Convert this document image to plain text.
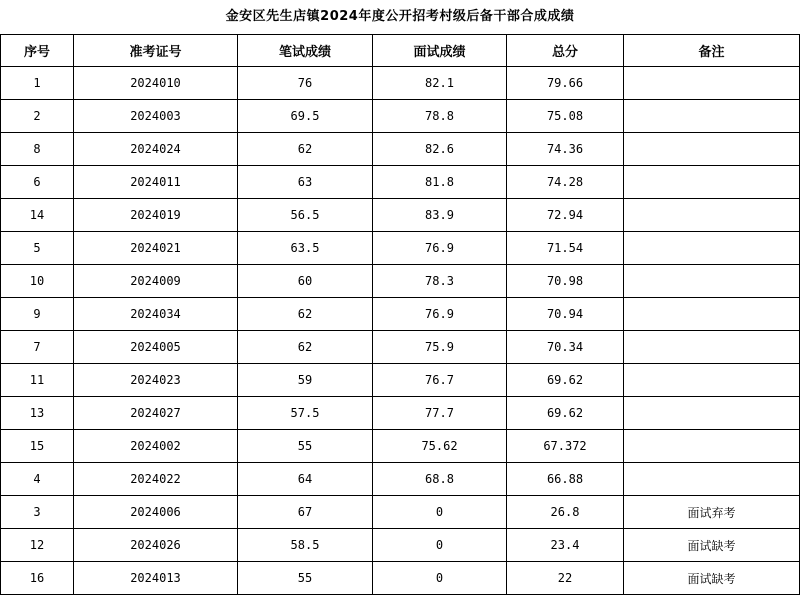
金安区先生店镇2024年度公开招考村级后备干部合成成绩
序号	准考证号	笔试成绩	面试成绩	总分	备注
1	2024010	76	82.1	79.66	
2	2024003	69.5	78.8	75.08	
8	2024024	62	82.6	74.36	
6	2024011	63	81.8	74.28	
14	2024019	56.5	83.9	72.94	
5	2024021	63.5	76.9	71.54	
10	2024009	60	78.3	70.98	
9	2024034	62	76.9	70.94	
7	2024005	62	75.9	70.34	
11	2024023	59	76.7	69.62	
13	2024027	57.5	77.7	69.62	
15	2024002	55	75.62	67.372	
4	2024022	64	68.8	66.88	
3	2024006	67	0	26.8	面试弃考
12	2024026	58.5	0	23.4	面试缺考
16	2024013	55	0	22	面试缺考
